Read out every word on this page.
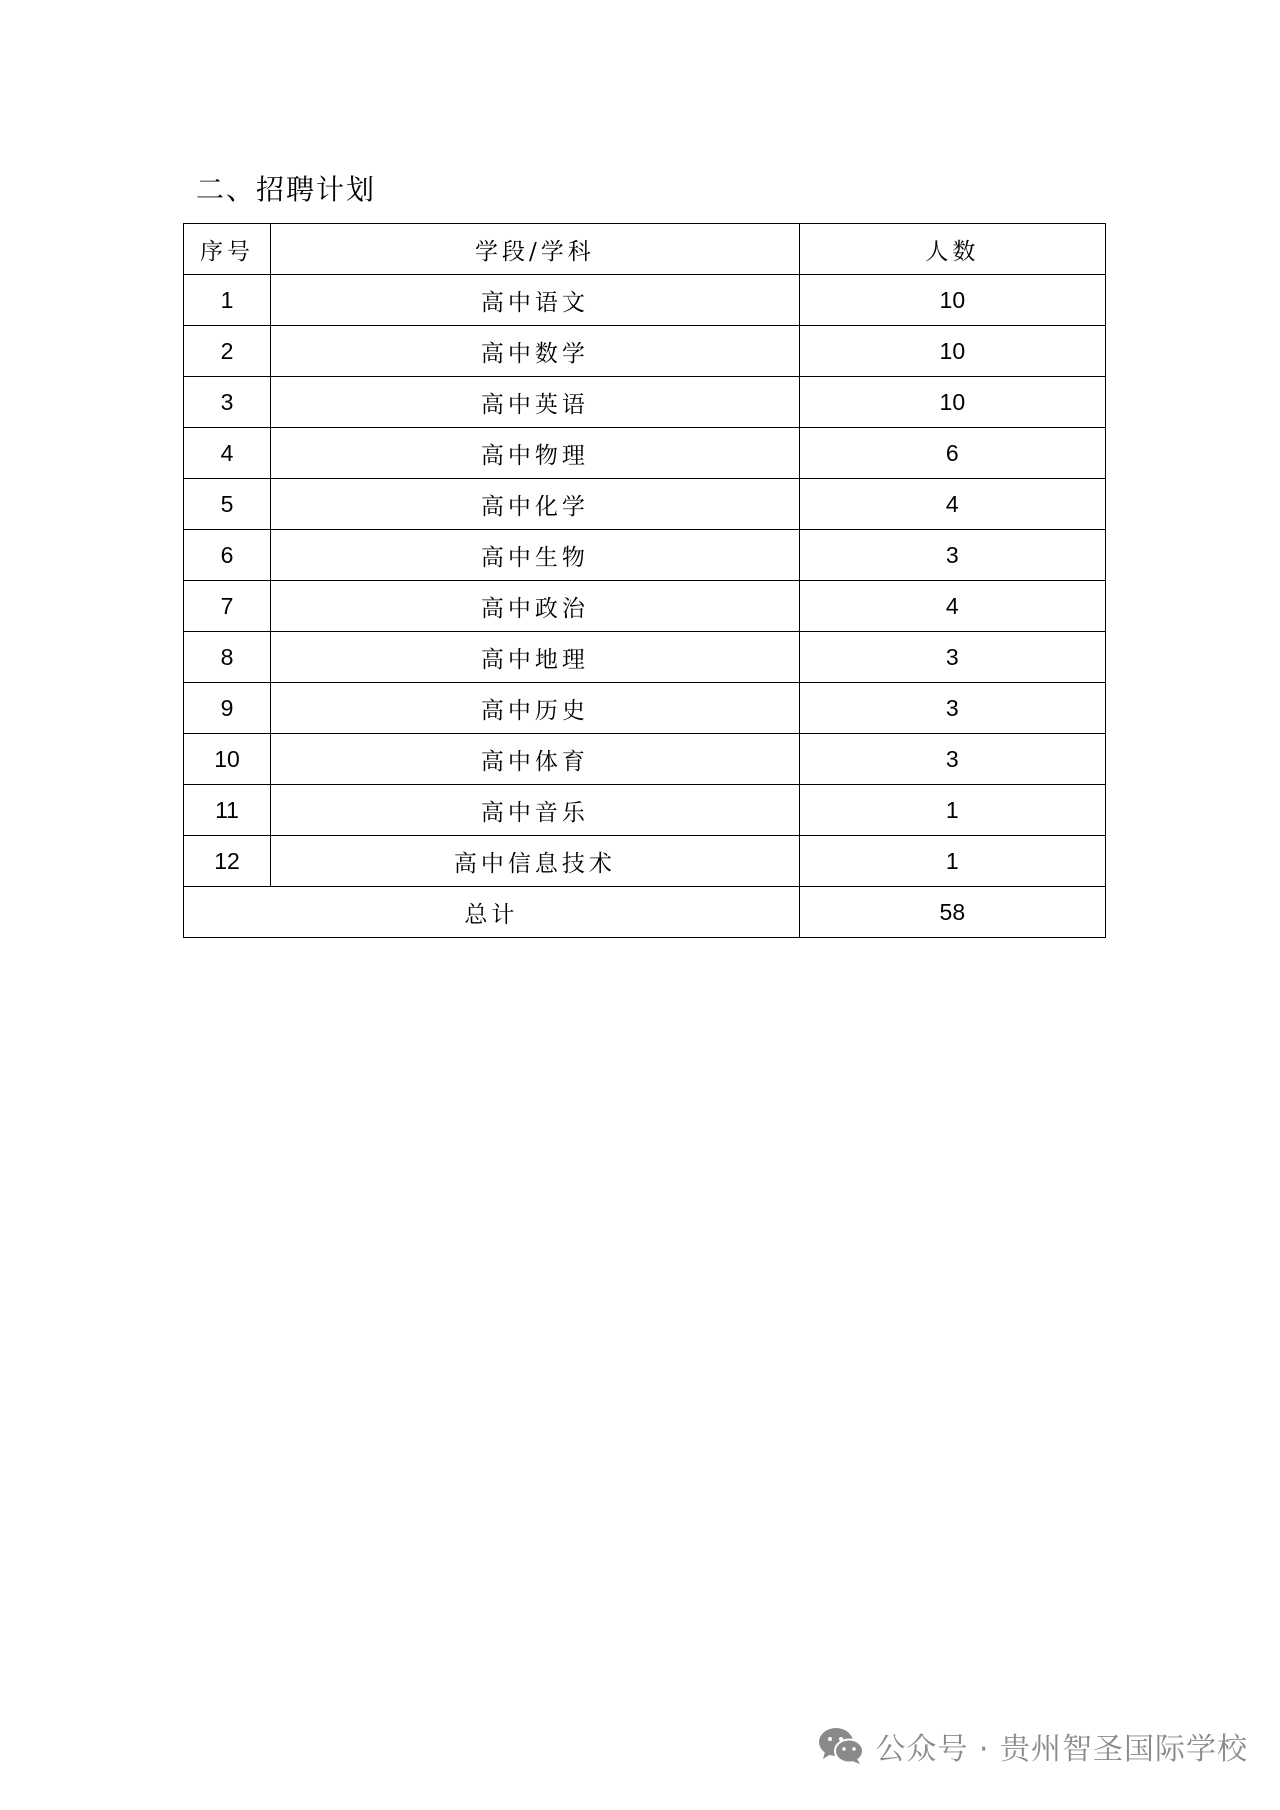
二、招聘计划
序号	学段/学科	人数
1	高中语文	10
2	高中数学	10
3	高中英语	10
4	高中物理	6
5	高中化学	4
6	高中生物	3
7	高中政治	4
8	高中地理	3
9	高中历史	3
10	高中体育	3
11	高中音乐	1
12	高中信息技术	1
总计		58
公众号 · 贵州智圣国际学校
